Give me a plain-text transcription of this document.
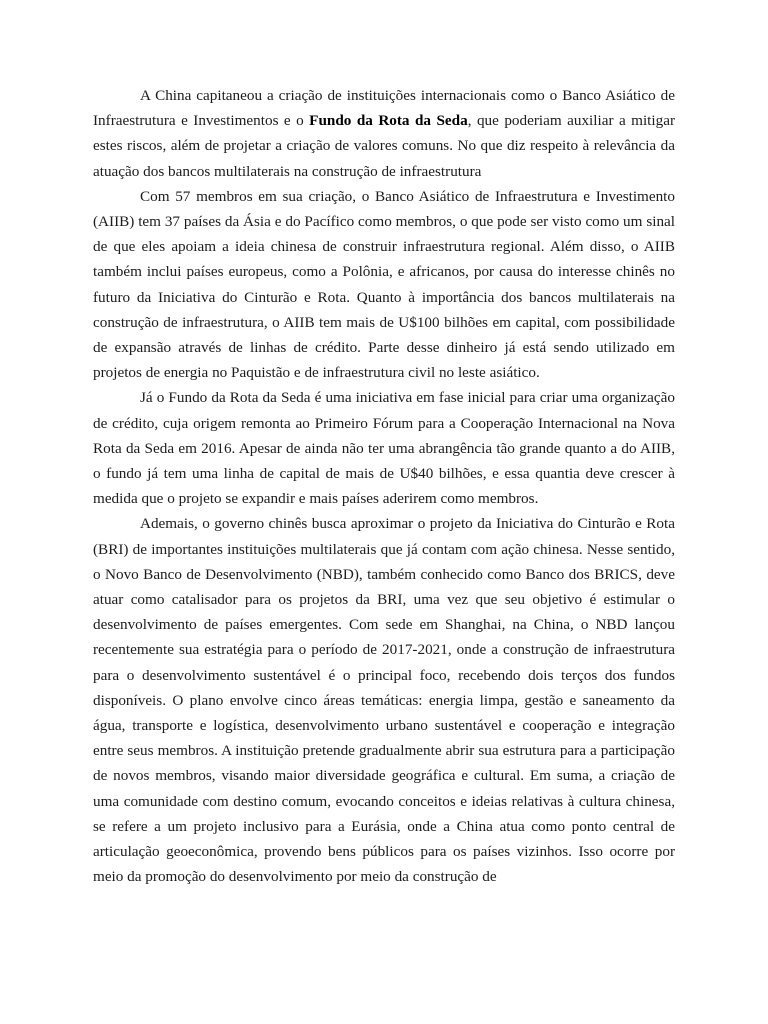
A China capitaneou a criação de instituições internacionais como o Banco Asiático de Infraestrutura e Investimentos e o Fundo da Rota da Seda, que poderiam auxiliar a mitigar estes riscos, além de projetar a criação de valores comuns. No que diz respeito à relevância da atuação dos bancos multilaterais na construção de infraestrutura

Com 57 membros em sua criação, o Banco Asiático de Infraestrutura e Investimento (AIIB) tem 37 países da Ásia e do Pacífico como membros, o que pode ser visto como um sinal de que eles apoiam a ideia chinesa de construir infraestrutura regional. Além disso, o AIIB também inclui países europeus, como a Polônia, e africanos, por causa do interesse chinês no futuro da Iniciativa do Cinturão e Rota. Quanto à importância dos bancos multilaterais na construção de infraestrutura, o AIIB tem mais de U$100 bilhões em capital, com possibilidade de expansão através de linhas de crédito. Parte desse dinheiro já está sendo utilizado em projetos de energia no Paquistão e de infraestrutura civil no leste asiático.

Já o Fundo da Rota da Seda é uma iniciativa em fase inicial para criar uma organização de crédito, cuja origem remonta ao Primeiro Fórum para a Cooperação Internacional na Nova Rota da Seda em 2016. Apesar de ainda não ter uma abrangência tão grande quanto a do AIIB, o fundo já tem uma linha de capital de mais de U$40 bilhões, e essa quantia deve crescer à medida que o projeto se expandir e mais países aderirem como membros.

Ademais, o governo chinês busca aproximar o projeto da Iniciativa do Cinturão e Rota (BRI) de importantes instituições multilaterais que já contam com ação chinesa. Nesse sentido, o Novo Banco de Desenvolvimento (NBD), também conhecido como Banco dos BRICS, deve atuar como catalisador para os projetos da BRI, uma vez que seu objetivo é estimular o desenvolvimento de países emergentes. Com sede em Shanghai, na China, o NBD lançou recentemente sua estratégia para o período de 2017-2021, onde a construção de infraestrutura para o desenvolvimento sustentável é o principal foco, recebendo dois terços dos fundos disponíveis. O plano envolve cinco áreas temáticas: energia limpa, gestão e saneamento da água, transporte e logística, desenvolvimento urbano sustentável e cooperação e integração entre seus membros. A instituição pretende gradualmente abrir sua estrutura para a participação de novos membros, visando maior diversidade geográfica e cultural. Em suma, a criação de uma comunidade com destino comum, evocando conceitos e ideias relativas à cultura chinesa, se refere a um projeto inclusivo para a Eurásia, onde a China atua como ponto central de articulação geoeconômica, provendo bens públicos para os países vizinhos. Isso ocorre por meio da promoção do desenvolvimento por meio da construção de
